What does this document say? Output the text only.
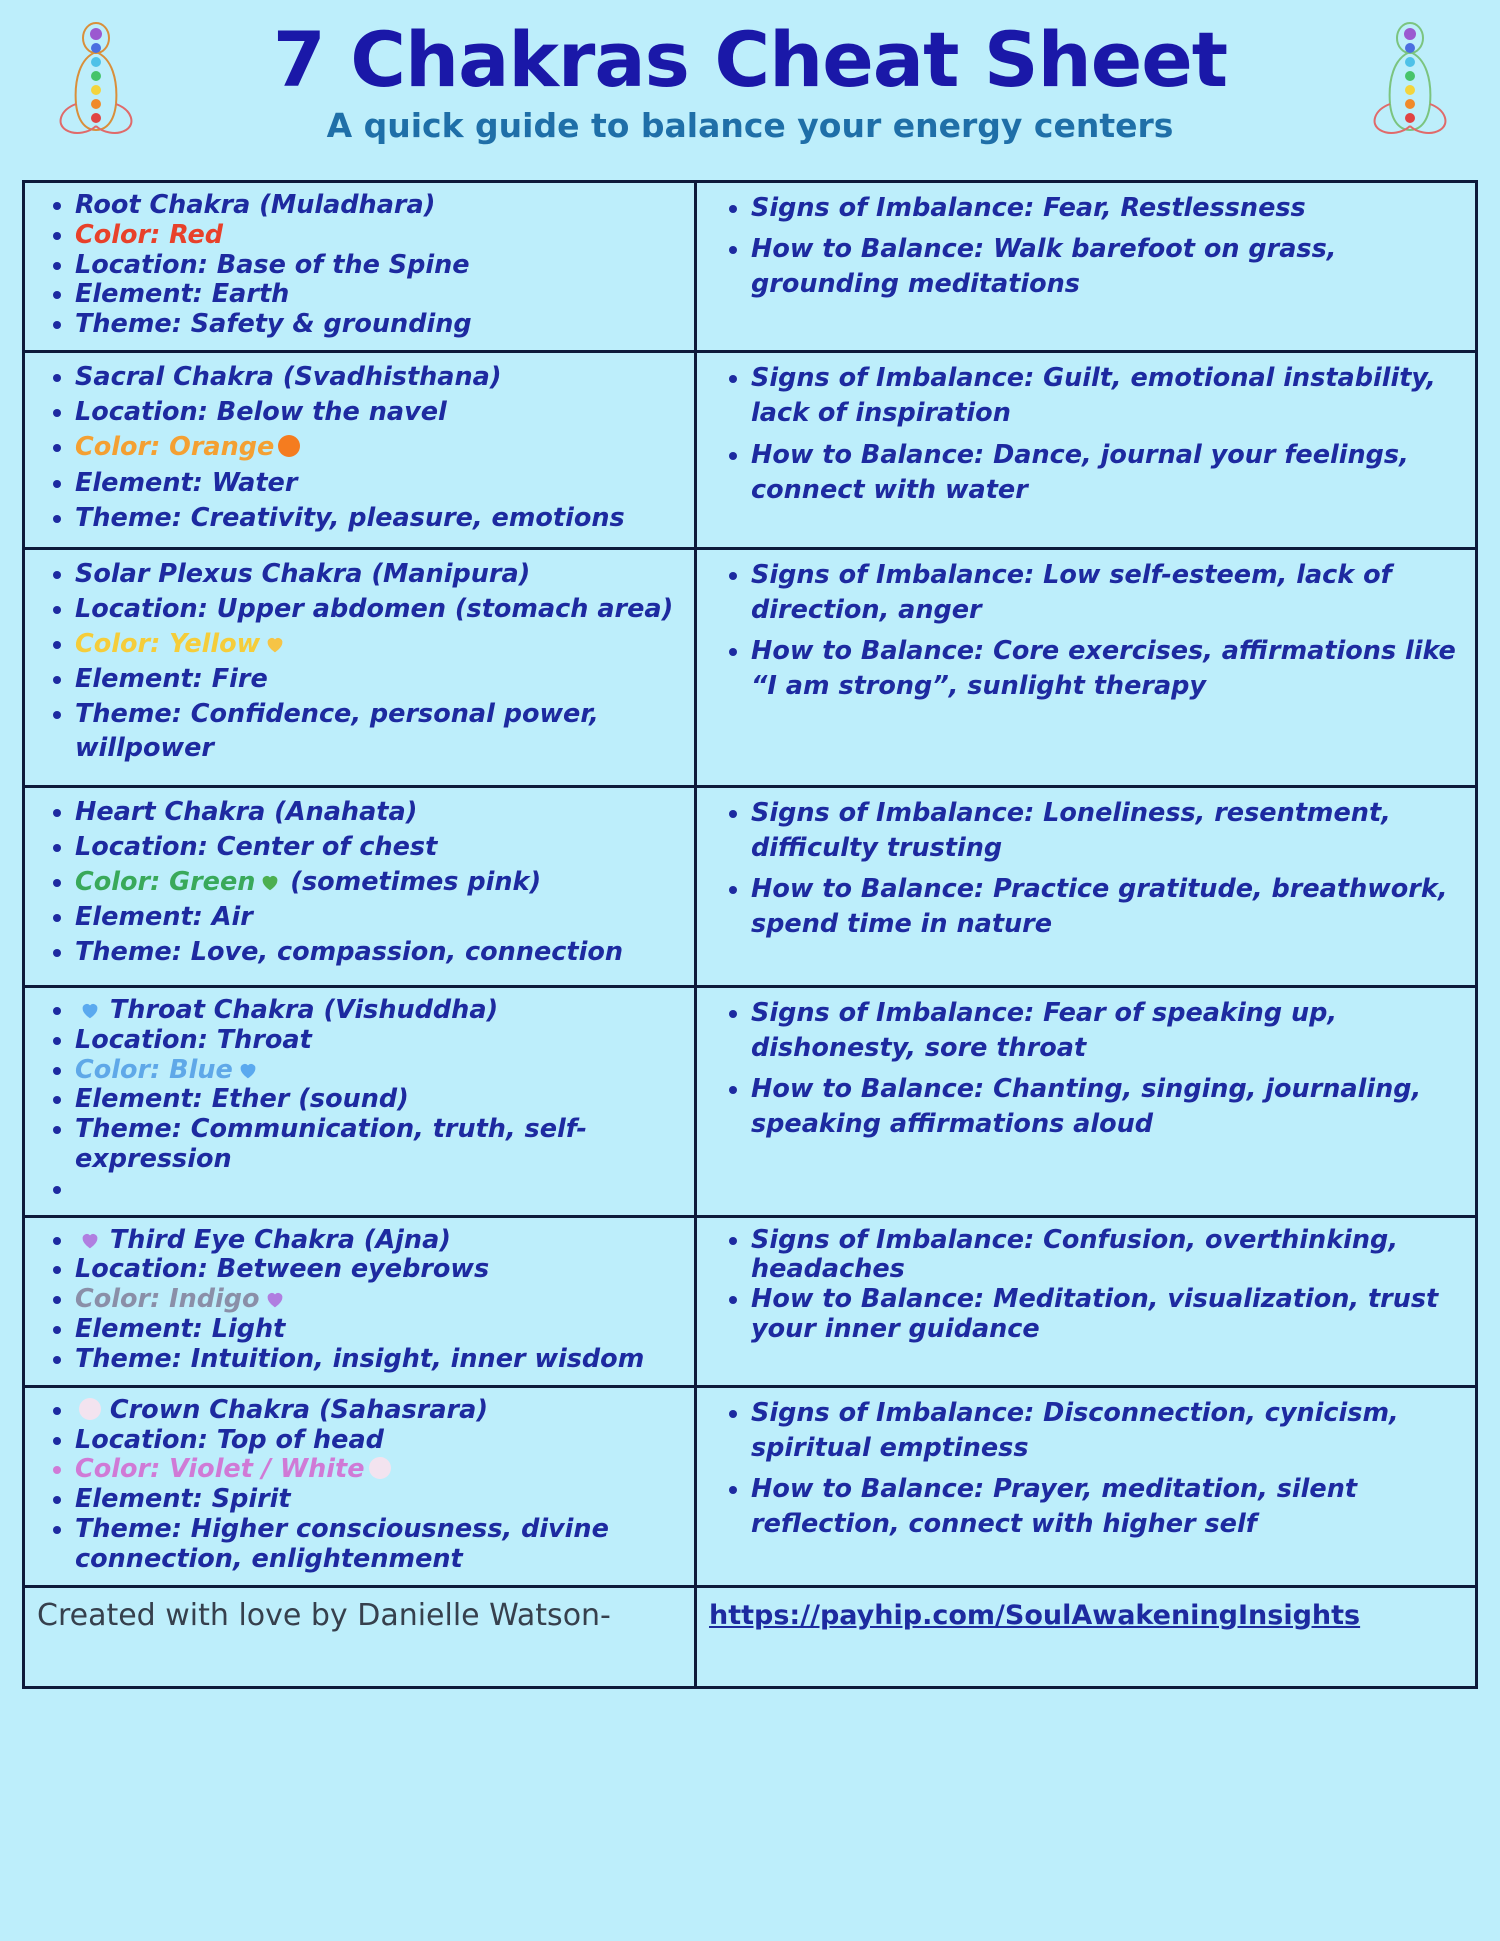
7 Chakras Cheat Sheet
A quick guide to balance your energy centers
• Root Chakra (Muladhara)
• Color: Red
• Location: Base of the Spine
• Element: Earth
• Theme: Safety & grounding
• Signs of Imbalance: Fear, Restlessness
• How to Balance: Walk barefoot on grass, grounding meditations
• Sacral Chakra (Svadhisthana)
• Location: Below the navel
• Color: Orange
• Element: Water
• Theme: Creativity, pleasure, emotions
• Signs of Imbalance: Guilt, emotional instability, lack of inspiration
• How to Balance: Dance, journal your feelings, connect with water
• Solar Plexus Chakra (Manipura)
• Location: Upper abdomen (stomach area)
• Color: Yellow
• Element: Fire
• Theme: Confidence, personal power, willpower
• Signs of Imbalance: Low self-esteem, lack of direction, anger
• How to Balance: Core exercises, affirmations like “I am strong”, sunlight therapy
• Heart Chakra (Anahata)
• Location: Center of chest
• Color: Green (sometimes pink)
• Element: Air
• Theme: Love, compassion, connection
• Signs of Imbalance: Loneliness, resentment, difficulty trusting
• How to Balance: Practice gratitude, breathwork, spend time in nature
• Throat Chakra (Vishuddha)
• Location: Throat
• Color: Blue
• Element: Ether (sound)
• Theme: Communication, truth, self-expression
•
• Signs of Imbalance: Fear of speaking up, dishonesty, sore throat
• How to Balance: Chanting, singing, journaling, speaking affirmations aloud
• Third Eye Chakra (Ajna)
• Location: Between eyebrows
• Color: Indigo
• Element: Light
• Theme: Intuition, insight, inner wisdom
• Signs of Imbalance: Confusion, overthinking, headaches
• How to Balance: Meditation, visualization, trust your inner guidance
• Crown Chakra (Sahasrara)
• Location: Top of head
• Color: Violet / White
• Element: Spirit
• Theme: Higher consciousness, divine connection, enlightenment
• Signs of Imbalance: Disconnection, cynicism, spiritual emptiness
• How to Balance: Prayer, meditation, silent reflection, connect with higher self
Created with love by Danielle Watson-	https://payhip.com/SoulAwakeningInsights
